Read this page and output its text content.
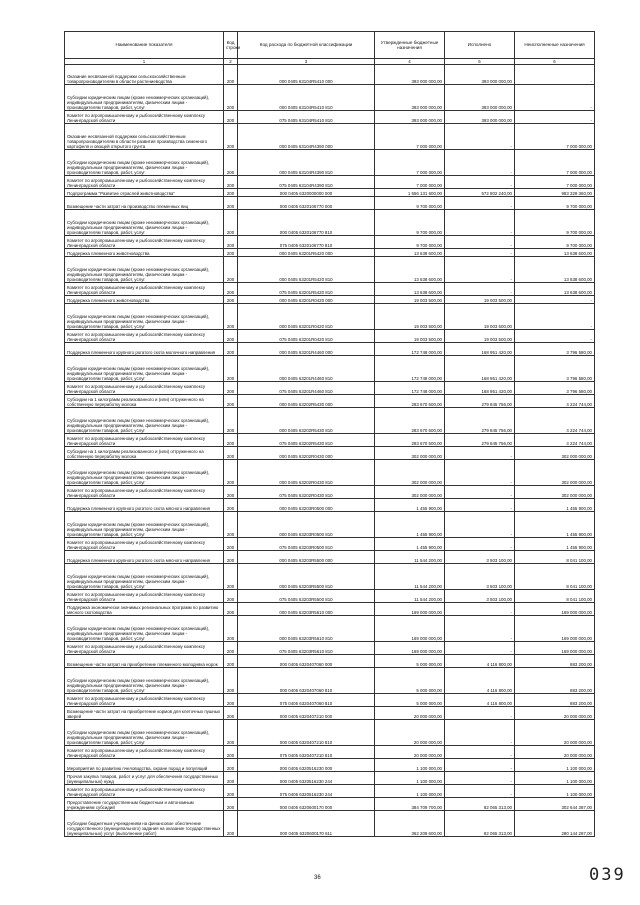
Наименование показателя	Код строки	Код расхода по бюджетной классификации	Утвержденные бюджетные назначения	Исполнено	Неисполненные назначения
1	2	3	4	5	6
Оказание несвязанной поддержки сельскохозяйственным товаропроизводителям в области растениеводства	200	000 0405 63104R5410 000	393 000 000,00	393 000 000,00	-
Субсидии юридическим лицам (кроме некоммерческих организаций), индивидуальным предпринимателям, физическим лицам - производителям товаров, работ, услуг	200	000 0405 63104R5410 810	393 000 000,00	393 000 000,00	-
Комитет по агропромышленному и рыбохозяйственному комплексу Ленинградской области	200	075 0405 63104R5410 810	393 000 000,00	393 000 000,00	-
Оказание несвязанной поддержки сельскохозяйственным товаропроизводителям в области развития производства семенного картофеля и овощей открытого грунта	200	000 0405 63104R4390 000	7 000 000,00	-	7 000 000,00
Субсидии юридическим лицам (кроме некоммерческих организаций), индивидуальным предпринимателям, физическим лицам - производителям товаров, работ, услуг	200	000 0405 63104R4390 810	7 000 000,00	-	7 000 000,00
Комитет по агропромышленному и рыбохозяйственному комплексу Ленинградской области	200	075 0405 63104R4390 810	7 000 000,00	-	7 000 000,00
Подпрограмма "Развитие отраслей животноводства"	200	000 0405 6320000000 000	1 556 131 600,00	572 802 240,00	983 329 360,00
Возмещение части затрат на производство племенных яиц	200	000 0405 6320106770 000	9 700 000,00	-	9 700 000,00
Субсидии юридическим лицам (кроме некоммерческих организаций), индивидуальным предпринимателям, физическим лицам - производителям товаров, работ, услуг	200	000 0405 6320106770 810	9 700 000,00	-	9 700 000,00
Комитет по агропромышленному и рыбохозяйственному комплексу Ленинградской области	200	075 0405 6320106770 810	9 700 000,00	-	9 700 000,00
Поддержка племенного животноводства	200	000 0405 63201R5420 000	13 638 600,00	-	13 638 600,00
Субсидии юридическим лицам (кроме некоммерческих организаций), индивидуальным предпринимателям, физическим лицам - производителям товаров, работ, услуг	200	000 0405 63201R5420 810	13 638 600,00	-	13 638 600,00
Комитет по агропромышленному и рыбохозяйственному комплексу Ленинградской области	200	075 0405 63201R5420 810	13 638 600,00	-	13 638 600,00
Поддержка племенного животноводства	200	000 0405 63201R0420 000	19 003 500,00	19 003 500,00	-
Субсидии юридическим лицам (кроме некоммерческих организаций), индивидуальным предпринимателям, физическим лицам - производителям товаров, работ, услуг	200	000 0405 63201R0420 810	19 003 500,00	19 003 500,00	-
Комитет по агропромышленному и рыбохозяйственному комплексу Ленинградской области	200	075 0405 63201R0420 810	19 003 500,00	19 003 500,00	-
Поддержка племенного крупного рогатого скота молочного направления	200	000 0405 63201R4460 000	172 748 000,00	168 951 420,00	3 796 580,00
Субсидии юридическим лицам (кроме некоммерческих организаций), индивидуальным предпринимателям, физическим лицам - производителям товаров, работ, услуг	200	000 0405 63201R4460 810	172 748 000,00	168 951 420,00	3 796 580,00
Комитет по агропромышленному и рыбохозяйственному комплексу Ленинградской области	200	075 0405 63201R4460 810	172 748 000,00	168 951 420,00	3 796 580,00
Субсидии на 1 килограмм реализованного и (или) отгруженного на собственную переработку молока	200	000 0405 63202R5430 000	283 670 500,00	279 845 756,00	4 224 744,00
Субсидии юридическим лицам (кроме некоммерческих организаций), индивидуальным предпринимателям, физическим лицам - производителям товаров, работ, услуг	200	000 0405 63202R5430 810	283 670 500,00	279 845 756,00	4 224 744,00
Комитет по агропромышленному и рыбохозяйственному комплексу Ленинградской области	200	075 0405 63202R5430 810	283 670 500,00	279 845 756,00	4 224 744,00
Субсидии на 1 килограмм реализованного и (или) отгруженного на собственную переработку молока	200	000 0405 63202R0430 000	302 000 000,00	-	302 000 000,00
Субсидии юридическим лицам (кроме некоммерческих организаций), индивидуальным предпринимателям, физическим лицам - производителям товаров, работ, услуг	200	000 0405 63202R0430 810	302 000 000,00	-	302 000 000,00
Комитет по агропромышленному и рыбохозяйственному комплексу Ленинградской области	200	075 0405 63202R0430 810	302 000 000,00	-	302 000 000,00
Поддержка племенного крупного рогатого скота мясного направления	200	000 0405 63203R0500 000	1 455 900,00	-	1 455 900,00
Субсидии юридическим лицам (кроме некоммерческих организаций), индивидуальным предпринимателям, физическим лицам - производителям товаров, работ, услуг	200	000 0405 63203R0500 810	1 455 900,00	-	1 455 900,00
Комитет по агропромышленному и рыбохозяйственному комплексу Ленинградской области	200	075 0405 63203R0500 810	1 455 900,00	-	1 455 900,00
Поддержка племенного крупного рогатого скота мясного направления	200	000 0405 63203R5500 000	11 544 200,00	3 503 100,00	8 041 100,00
Субсидии юридическим лицам (кроме некоммерческих организаций), индивидуальным предпринимателям, физическим лицам - производителям товаров, работ, услуг	200	000 0405 63203R5500 810	11 544 200,00	3 503 100,00	8 041 100,00
Комитет по агропромышленному и рыбохозяйственному комплексу Ленинградской области	200	075 0405 63203R5500 810	11 544 200,00	3 503 100,00	8 041 100,00
Поддержка экономически значимых региональных программ по развитию мясного скотоводства	200	000 0405 63203R5610 000	169 000 000,00	-	169 000 000,00
Субсидии юридическим лицам (кроме некоммерческих организаций), индивидуальным предпринимателям, физическим лицам - производителям товаров, работ, услуг	200	000 0405 63203R5610 810	169 000 000,00	-	169 000 000,00
Комитет по агропромышленному и рыбохозяйственному комплексу Ленинградской области	200	075 0405 63203R5610 810	169 000 000,00	-	169 000 000,00
Возмещение части затрат на приобретение племенного молодняка норок	200	000 0405 6320407060 000	5 000 000,00	4 116 800,00	883 200,00
Субсидии юридическим лицам (кроме некоммерческих организаций), индивидуальным предпринимателям, физическим лицам - производителям товаров, работ, услуг	200	000 0405 6320407060 810	5 000 000,00	4 116 800,00	883 200,00
Комитет по агропромышленному и рыбохозяйственному комплексу Ленинградской области	200	075 0405 6320407060 810	5 000 000,00	4 116 800,00	883 200,00
Возмещение части затрат на приобретение кормов для клеточных пушных зверей	200	000 0405 6320407210 000	20 000 000,00	-	20 000 000,00
Субсидии юридическим лицам (кроме некоммерческих организаций), индивидуальным предпринимателям, физическим лицам - производителям товаров, работ, услуг	200	000 0405 6320407210 810	20 000 000,00	-	20 000 000,00
Комитет по агропромышленному и рыбохозяйственному комплексу Ленинградской области	200	075 0405 6320407210 810	20 000 000,00	-	20 000 000,00
Мероприятия по развитию пчеловодства, охране пород и популяций	200	000 0405 6320516230 000	1 100 000,00	-	1 100 000,00
Прочая закупка товаров, работ и услуг для обеспечения государственных (муниципальных) нужд	200	000 0405 6320516230 244	1 100 000,00	-	1 100 000,00
Комитет по агропромышленному и рыбохозяйственному комплексу Ленинградской области	200	075 0405 6320516230 244	1 100 000,00	-	1 100 000,00
Предоставление государственным бюджетным и автономным учреждениям субсидий	200	000 0405 6320600170 000	384 709 700,00	82 065 313,00	302 644 387,00
Субсидии бюджетным учреждениям на финансовое обеспечение государственного (муниципального) задания на оказание государственных (муниципальных) услуг (выполнение работ)	200	000 0405 6320600170 611	362 209 600,00	82 065 313,00	280 144 287,00
36	039
